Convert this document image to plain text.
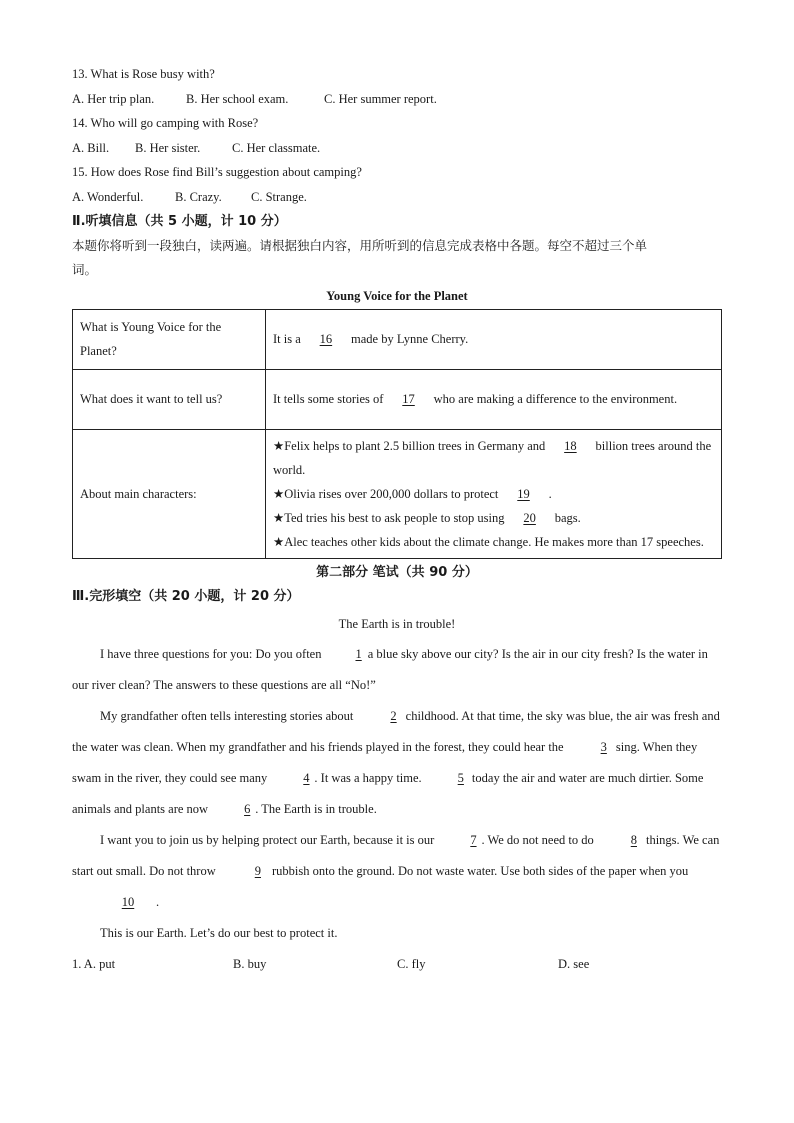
13. What is Rose busy with?
A. Her trip plan.	B. Her school exam.	C. Her summer report.
14. Who will go camping with Rose?
A. Bill. B. Her sister.	C. Her classmate.
15. How does Rose find Bill’s suggestion about camping?
A. Wonderful.	B. Crazy. C. Strange.
Ⅱ.听填信息（共 5 小题，计 10 分）
本题你将听到一段独白，读两遍。请根据独白内容，用所听到的信息完成表格中各题。每空不超过三个单
词。
Young Voice for the Planet
What is Young Voice for the Planet?	It is a 16 made by Lynne Cherry.
What does it want to tell us?	It tells some stories of 17 who are making a difference to the environment.
About main characters:	★Felix helps to plant 2.5 billion trees in Germany and 18 billion trees around the world.
★Olivia rises over 200,000 dollars to protect 19 .
★Ted tries his best to ask people to stop using 20 bags.
★Alec teaches other kids about the climate change. He makes more than 17 speeches.
第二部分 笔试（共 90 分）
Ⅲ.完形填空（共 20 小题，计 20 分）
The Earth is in trouble!

I have three questions for you: Do you often 1 a blue sky above our city? Is the air in our city fresh? Is the water in our river clean? The answers to these questions are all “No!”

My grandfather often tells interesting stories about	2 childhood. At that time, the sky was blue, the air was fresh and the water was clean. When my grandfather and his friends played in the forest, they could hear the	3 sing. When they swam in the river, they could see many	4 . It was a happy time.	5 today the air and water are much dirtier. Some animals and plants are now	6 . The Earth is in trouble.

I want you to join us by helping protect our Earth, because it is our	7 . We do not need to do	8 things. We can start out small. Do not throw	9 rubbish onto the ground. Do not waste water. Use both sides of the paper when you 10 .

This is our Earth. Let’s do our best to protect it.

1. A. put	B. buy	C. fly	D. see
